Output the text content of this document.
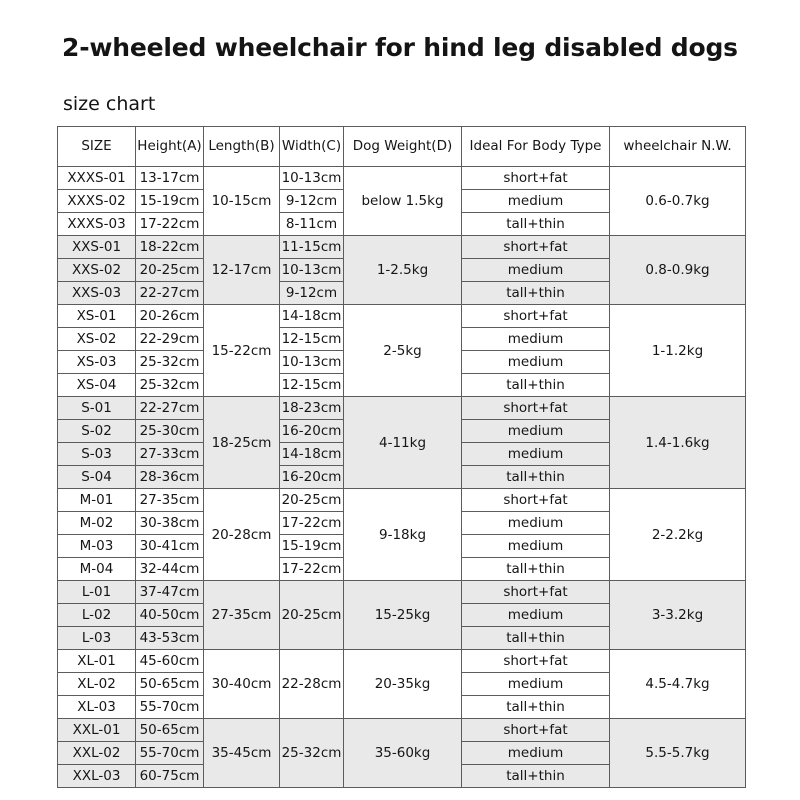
2-wheeled wheelchair for hind leg disabled dogs
size chart
SIZE	Height(A)	Length(B)	Width(C)	Dog Weight(D)	Ideal For Body Type	wheelchair N.W.
XXXS-01	13-17cm	10-15cm	10-13cm	below 1.5kg	short+fat	0.6-0.7kg
XXXS-02	15-19cm		9-12cm		medium	
XXXS-03	17-22cm		8-11cm		tall+thin	
XXS-01	18-22cm	12-17cm	11-15cm	1-2.5kg	short+fat	0.8-0.9kg
XXS-02	20-25cm		10-13cm		medium	
XXS-03	22-27cm		9-12cm		tall+thin	
XS-01	20-26cm	15-22cm	14-18cm	2-5kg	short+fat	1-1.2kg
XS-02	22-29cm		12-15cm		medium	
XS-03	25-32cm		10-13cm		medium	
XS-04	25-32cm		12-15cm		tall+thin	
S-01	22-27cm	18-25cm	18-23cm	4-11kg	short+fat	1.4-1.6kg
S-02	25-30cm		16-20cm		medium	
S-03	27-33cm		14-18cm		medium	
S-04	28-36cm		16-20cm		tall+thin	
M-01	27-35cm	20-28cm	20-25cm	9-18kg	short+fat	2-2.2kg
M-02	30-38cm		17-22cm		medium	
M-03	30-41cm		15-19cm		medium	
M-04	32-44cm		17-22cm		tall+thin	
L-01	37-47cm	27-35cm	20-25cm	15-25kg	short+fat	3-3.2kg
L-02	40-50cm				medium	
L-03	43-53cm				tall+thin	
XL-01	45-60cm	30-40cm	22-28cm	20-35kg	short+fat	4.5-4.7kg
XL-02	50-65cm				medium	
XL-03	55-70cm				tall+thin	
XXL-01	50-65cm	35-45cm	25-32cm	35-60kg	short+fat	5.5-5.7kg
XXL-02	55-70cm				medium	
XXL-03	60-75cm				tall+thin	
